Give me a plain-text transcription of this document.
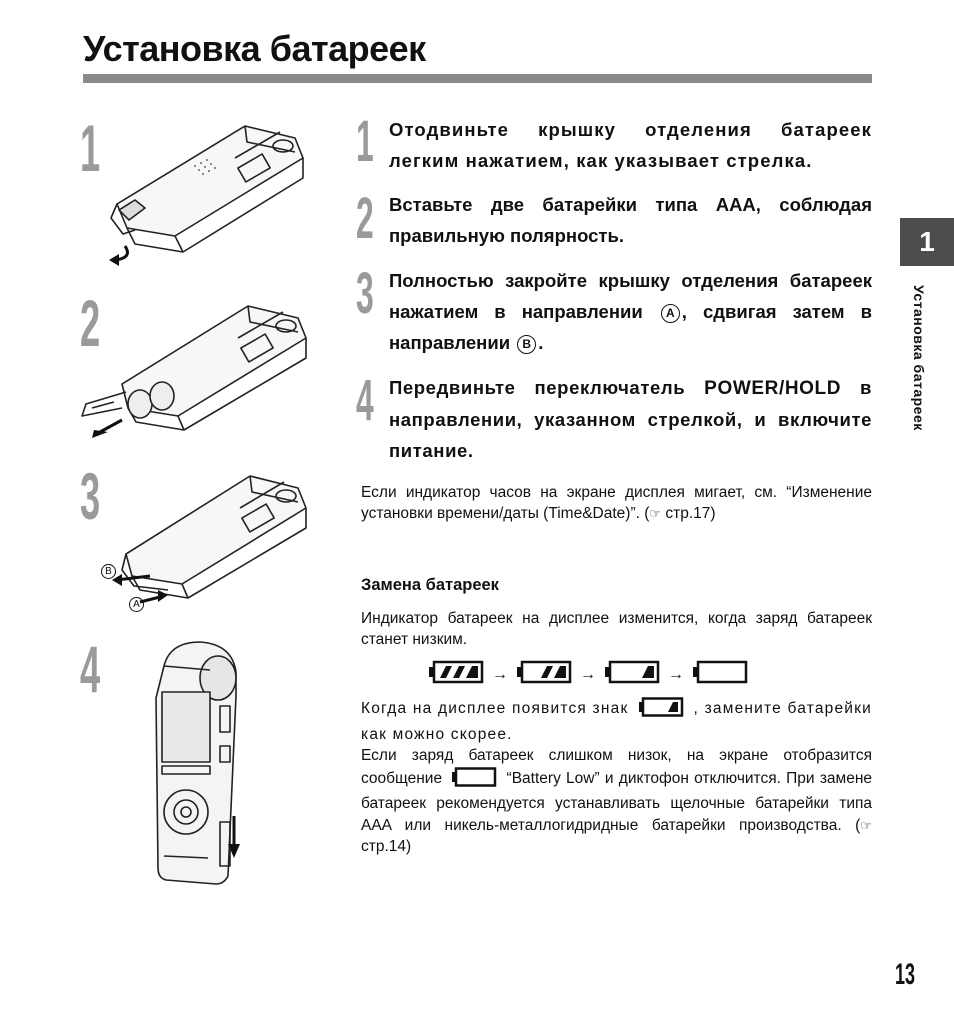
Установка батареек
1
2
3
B
A
4
1 Отодвиньте крышку отделения батареек легким нажатием, как указывает стрелка.
2 Вставьте две батарейки типа AAA, соблюдая правильную полярность.
3 Полностью закройте крышку отделения батареек нажатием в направлении A , сдвигая затем в направлении B .
4 Передвиньте переключатель POWER/HOLD в направлении, указанном стрелкой, и включите питание.
Если индикатор часов на экране дисплея мигает, см. “Изменение установки времени/даты (Time&Date)”. (☞ стр.17)
Замена батареек
Индикатор батареек на дисплее изменится, когда заряд батареек станет низким.
→	→	→
Когда на дисплее появится знак	, замените батарейки как можно скорее.
Если заряд батареек слишком низок, на экране отобразится сообщение	“Battery Low” и диктофон отключится. При замене батареек рекомендуется устанавливать щелочные батарейки типа AAA или никель-металлогидридные батарейки производства. (☞ стр.14)
1
Установка батареек
13
